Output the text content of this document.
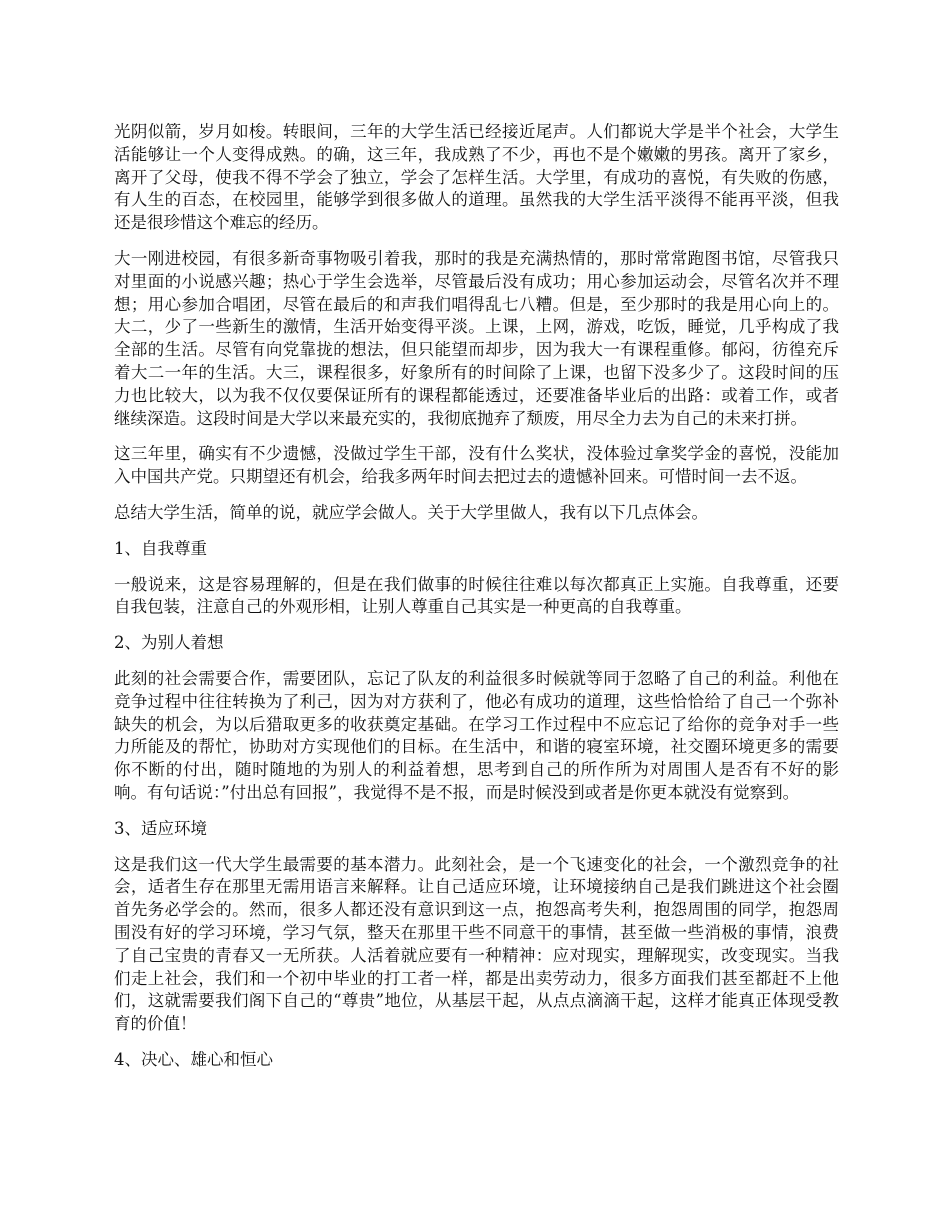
光阴似箭，岁月如梭。转眼间，三年的大学生活已经接近尾声。人们都说大学是半个社会，大学生活能够让一个人变得成熟。的确，这三年，我成熟了不少，再也不是个嫩嫩的男孩。离开了家乡，离开了父母，使我不得不学会了独立，学会了怎样生活。大学里，有成功的喜悦，有失败的伤感，有人生的百态，在校园里，能够学到很多做人的道理。虽然我的大学生活平淡得不能再平淡，但我还是很珍惜这个难忘的经历。

大一刚进校园，有很多新奇事物吸引着我，那时的我是充满热情的，那时常常跑图书馆，尽管我只对里面的小说感兴趣；热心于学生会选举，尽管最后没有成功；用心参加运动会，尽管名次并不理想；用心参加合唱团，尽管在最后的和声我们唱得乱七八糟。但是，至少那时的我是用心向上的。大二，少了一些新生的激情，生活开始变得平淡。上课，上网，游戏，吃饭，睡觉，几乎构成了我全部的生活。尽管有向党靠拢的想法，但只能望而却步，因为我大一有课程重修。郁闷，彷徨充斥着大二一年的生活。大三，课程很多，好象所有的时间除了上课，也留下没多少了。这段时间的压力也比较大，以为我不仅仅要保证所有的课程都能透过，还要准备毕业后的出路：或着工作，或者继续深造。这段时间是大学以来最充实的，我彻底抛弃了颓废，用尽全力去为自己的未来打拼。

这三年里，确实有不少遗憾，没做过学生干部，没有什么奖状，没体验过拿奖学金的喜悦，没能加入中国共产党。只期望还有机会，给我多两年时间去把过去的遗憾补回来。可惜时间一去不返。

总结大学生活，简单的说，就应学会做人。关于大学里做人，我有以下几点体会。

1、自我尊重

一般说来，这是容易理解的，但是在我们做事的时候往往难以每次都真正上实施。自我尊重，还要自我包装，注意自己的外观形相，让别人尊重自己其实是一种更高的自我尊重。

2、为别人着想

此刻的社会需要合作，需要团队，忘记了队友的利益很多时候就等同于忽略了自己的利益。利他在竞争过程中往往转换为了利己，因为对方获利了，他必有成功的道理，这些恰恰给了自己一个弥补缺失的机会，为以后猎取更多的收获奠定基础。在学习工作过程中不应忘记了给你的竞争对手一些力所能及的帮忙，协助对方实现他们的目标。在生活中，和谐的寝室环境，社交圈环境更多的需要你不断的付出，随时随地的为别人的利益着想，思考到自己的所作所为对周围人是否有不好的影响。有句话说：”付出总有回报”，我觉得不是不报，而是时候没到或者是你更本就没有觉察到。

3、适应环境

这是我们这一代大学生最需要的基本潜力。此刻社会，是一个飞速变化的社会，一个激烈竞争的社会，适者生存在那里无需用语言来解释。让自己适应环境，让环境接纳自己是我们跳进这个社会圈首先务必学会的。然而，很多人都还没有意识到这一点，抱怨高考失利，抱怨周围的同学，抱怨周围没有好的学习环境，学习气氛，整天在那里干些不同意干的事情，甚至做一些消极的事情，浪费了自己宝贵的青春又一无所获。人活着就应要有一种精神：应对现实，理解现实，改变现实。当我们走上社会，我们和一个初中毕业的打工者一样，都是出卖劳动力，很多方面我们甚至都赶不上他们，这就需要我们阁下自己的“尊贵”地位，从基层干起，从点点滴滴干起，这样才能真正体现受教育的价值！

4、决心、雄心和恒心
